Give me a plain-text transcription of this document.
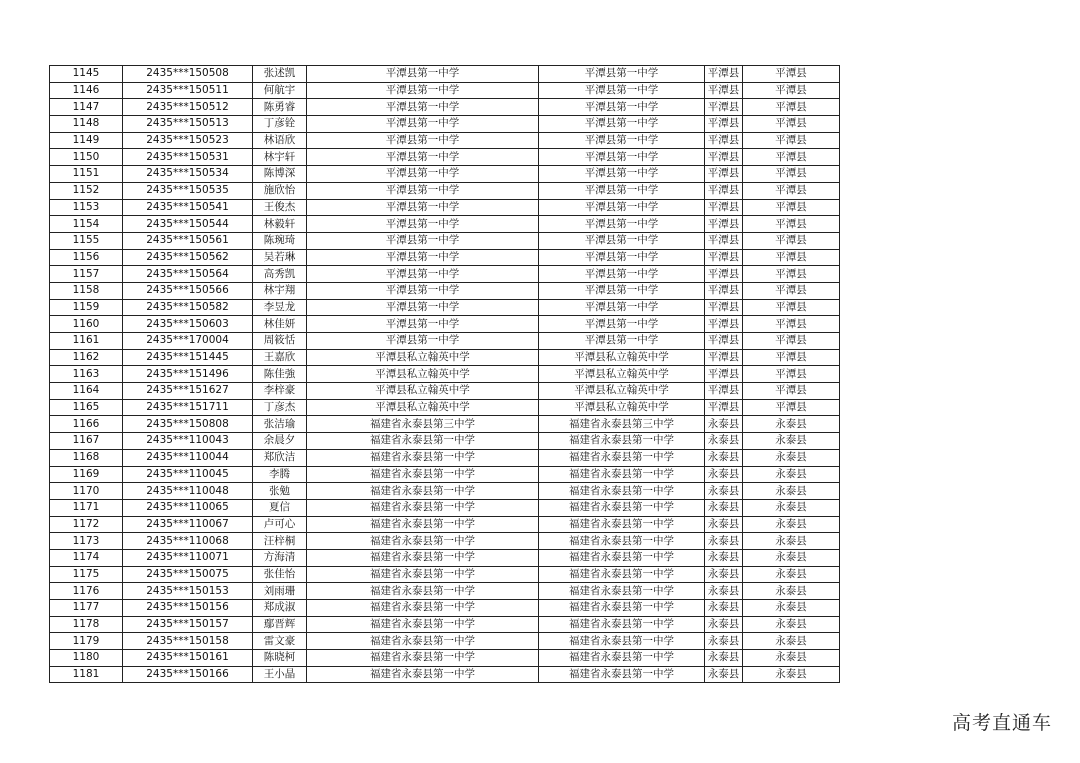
1145	2435***150508	张述凯	平潭县第一中学	平潭县第一中学	平潭县	平潭县
1146	2435***150511	何航宇	平潭县第一中学	平潭县第一中学	平潭县	平潭县
1147	2435***150512	陈勇睿	平潭县第一中学	平潭县第一中学	平潭县	平潭县
1148	2435***150513	丁彦铨	平潭县第一中学	平潭县第一中学	平潭县	平潭县
1149	2435***150523	林语欣	平潭县第一中学	平潭县第一中学	平潭县	平潭县
1150	2435***150531	林宇轩	平潭县第一中学	平潭县第一中学	平潭县	平潭县
1151	2435***150534	陈博深	平潭县第一中学	平潭县第一中学	平潭县	平潭县
1152	2435***150535	施欣怡	平潭县第一中学	平潭县第一中学	平潭县	平潭县
1153	2435***150541	王俊杰	平潭县第一中学	平潭县第一中学	平潭县	平潭县
1154	2435***150544	林毅轩	平潭县第一中学	平潭县第一中学	平潭县	平潭县
1155	2435***150561	陈琬琦	平潭县第一中学	平潭县第一中学	平潭县	平潭县
1156	2435***150562	吴若琳	平潭县第一中学	平潭县第一中学	平潭县	平潭县
1157	2435***150564	高秀凯	平潭县第一中学	平潭县第一中学	平潭县	平潭县
1158	2435***150566	林宇翔	平潭县第一中学	平潭县第一中学	平潭县	平潭县
1159	2435***150582	李昱龙	平潭县第一中学	平潭县第一中学	平潭县	平潭县
1160	2435***150603	林佳妍	平潭县第一中学	平潭县第一中学	平潭县	平潭县
1161	2435***170004	周筱恬	平潭县第一中学	平潭县第一中学	平潭县	平潭县
1162	2435***151445	王嘉欣	平潭县私立翰英中学	平潭县私立翰英中学	平潭县	平潭县
1163	2435***151496	陈佳強	平潭县私立翰英中学	平潭县私立翰英中学	平潭县	平潭县
1164	2435***151627	李梓豪	平潭县私立翰英中学	平潭县私立翰英中学	平潭县	平潭县
1165	2435***151711	丁彦杰	平潭县私立翰英中学	平潭县私立翰英中学	平潭县	平潭县
1166	2435***150808	张洁瑜	福建省永泰县第三中学	福建省永泰县第三中学	永泰县	永泰县
1167	2435***110043	余晨夕	福建省永泰县第一中学	福建省永泰县第一中学	永泰县	永泰县
1168	2435***110044	郑欣洁	福建省永泰县第一中学	福建省永泰县第一中学	永泰县	永泰县
1169	2435***110045	李腾	福建省永泰县第一中学	福建省永泰县第一中学	永泰县	永泰县
1170	2435***110048	张勉	福建省永泰县第一中学	福建省永泰县第一中学	永泰县	永泰县
1171	2435***110065	夏信	福建省永泰县第一中学	福建省永泰县第一中学	永泰县	永泰县
1172	2435***110067	卢可心	福建省永泰县第一中学	福建省永泰县第一中学	永泰县	永泰县
1173	2435***110068	汪梓桐	福建省永泰县第一中学	福建省永泰县第一中学	永泰县	永泰县
1174	2435***110071	方海清	福建省永泰县第一中学	福建省永泰县第一中学	永泰县	永泰县
1175	2435***150075	张佳怡	福建省永泰县第一中学	福建省永泰县第一中学	永泰县	永泰县
1176	2435***150153	刘雨珊	福建省永泰县第一中学	福建省永泰县第一中学	永泰县	永泰县
1177	2435***150156	郑成淑	福建省永泰县第一中学	福建省永泰县第一中学	永泰县	永泰县
1178	2435***150157	鄢晋辉	福建省永泰县第一中学	福建省永泰县第一中学	永泰县	永泰县
1179	2435***150158	雷文豪	福建省永泰县第一中学	福建省永泰县第一中学	永泰县	永泰县
1180	2435***150161	陈晓柯	福建省永泰县第一中学	福建省永泰县第一中学	永泰县	永泰县
1181	2435***150166	王小晶	福建省永泰县第一中学	福建省永泰县第一中学	永泰县	永泰县
高考直通车
